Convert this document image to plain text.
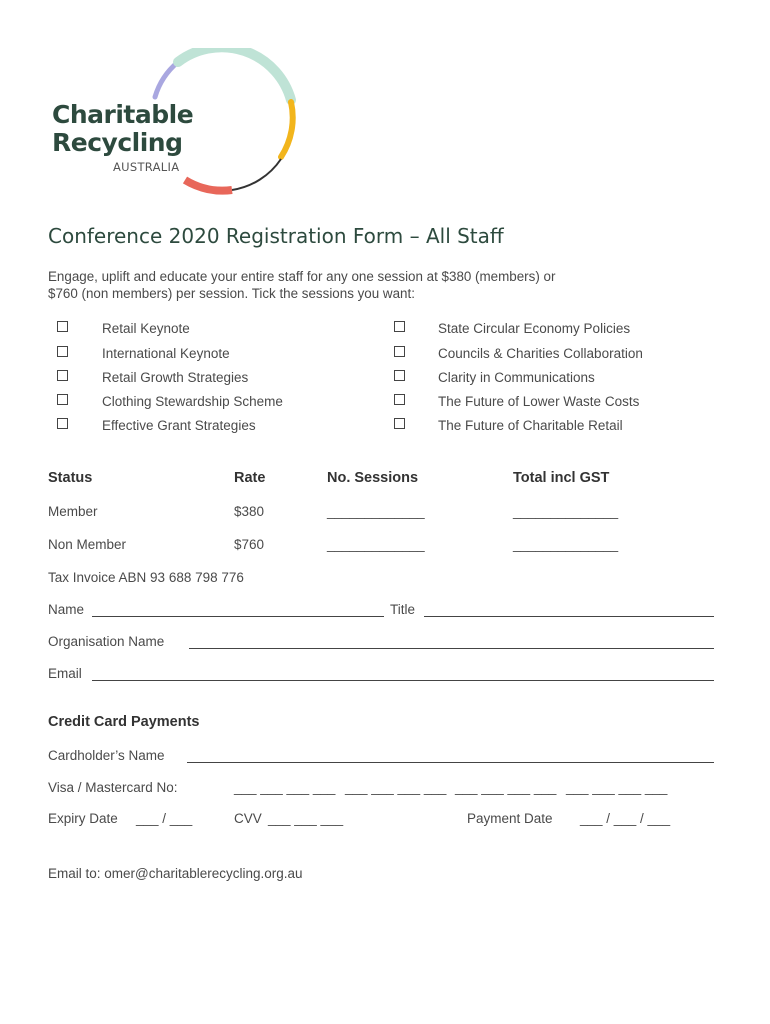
Charitable
Recycling
AUSTRALIA
Conference 2020 Registration Form – All Staff

Engage, uplift and educate your entire staff for any one session at $380 (members) or

$760 (non members) per session. Tick the sessions you want:

Retail Keynote
International Keynote
Retail Growth Strategies
Clothing Stewardship Scheme
Effective Grant Strategies
State Circular Economy Policies
Councils & Charities Collaboration
Clarity in Communications
The Future of Lower Waste Costs
The Future of Charitable Retail
Status	Rate	No. Sessions	Total incl GST
Member	$380	_____________	______________
Non Member	$760	_____________	______________
Tax Invoice ABN 93 688 798 776
Name	Title
Organisation Name
Email
Credit Card Payments
Cardholder’s Name
Visa / Mastercard No:	___ ___ ___ ___ ___ ___ ___ ___ ___ ___ ___ ___ ___ ___ ___ ___
Expiry Date ___ / ___	CVV ___ ___ ___	Payment Date ___ / ___ / ___
Email to: omer@charitablerecycling.org.au
